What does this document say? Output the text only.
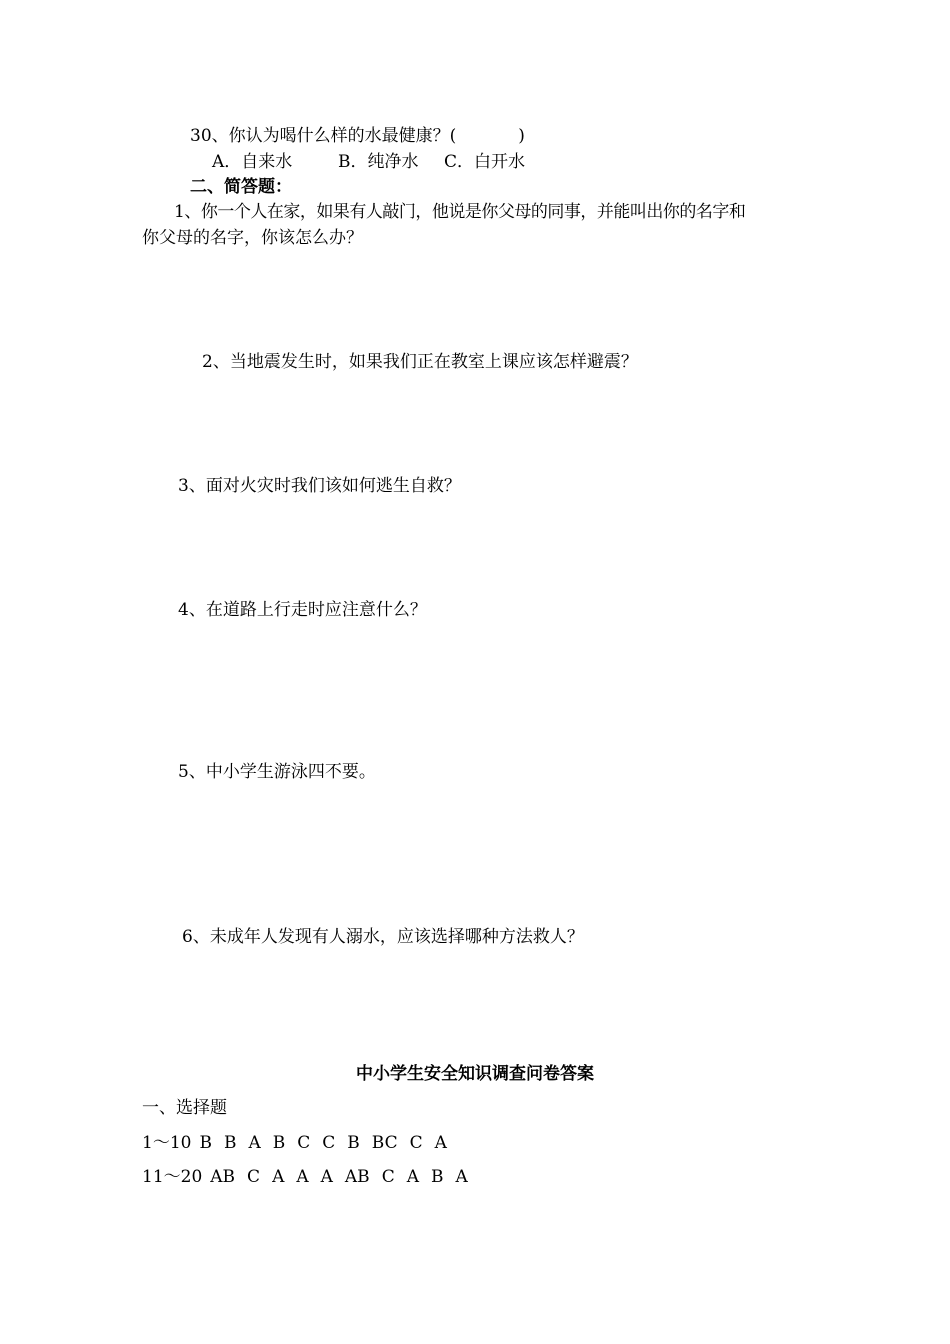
30、你认为喝什么样的水最健康？(	)
A．自来水	B．纯净水 C．白开水
二、简答题：
1、你一个人在家，如果有人敲门，他说是你父母的同事，并能叫出你的名字和
你父母的名字，你该怎么办？
2、当地震发生时，如果我们正在教室上课应该怎样避震？
3、面对火灾时我们该如何逃生自救？
4、在道路上行走时应注意什么？
5、中小学生游泳四不要。
6、未成年人发现有人溺水，应该选择哪种方法救人？
中小学生安全知识调查问卷答案
一、选择题
1～10 B B A B C C B BC C A
11～20 AB C A A A AB C A B A
